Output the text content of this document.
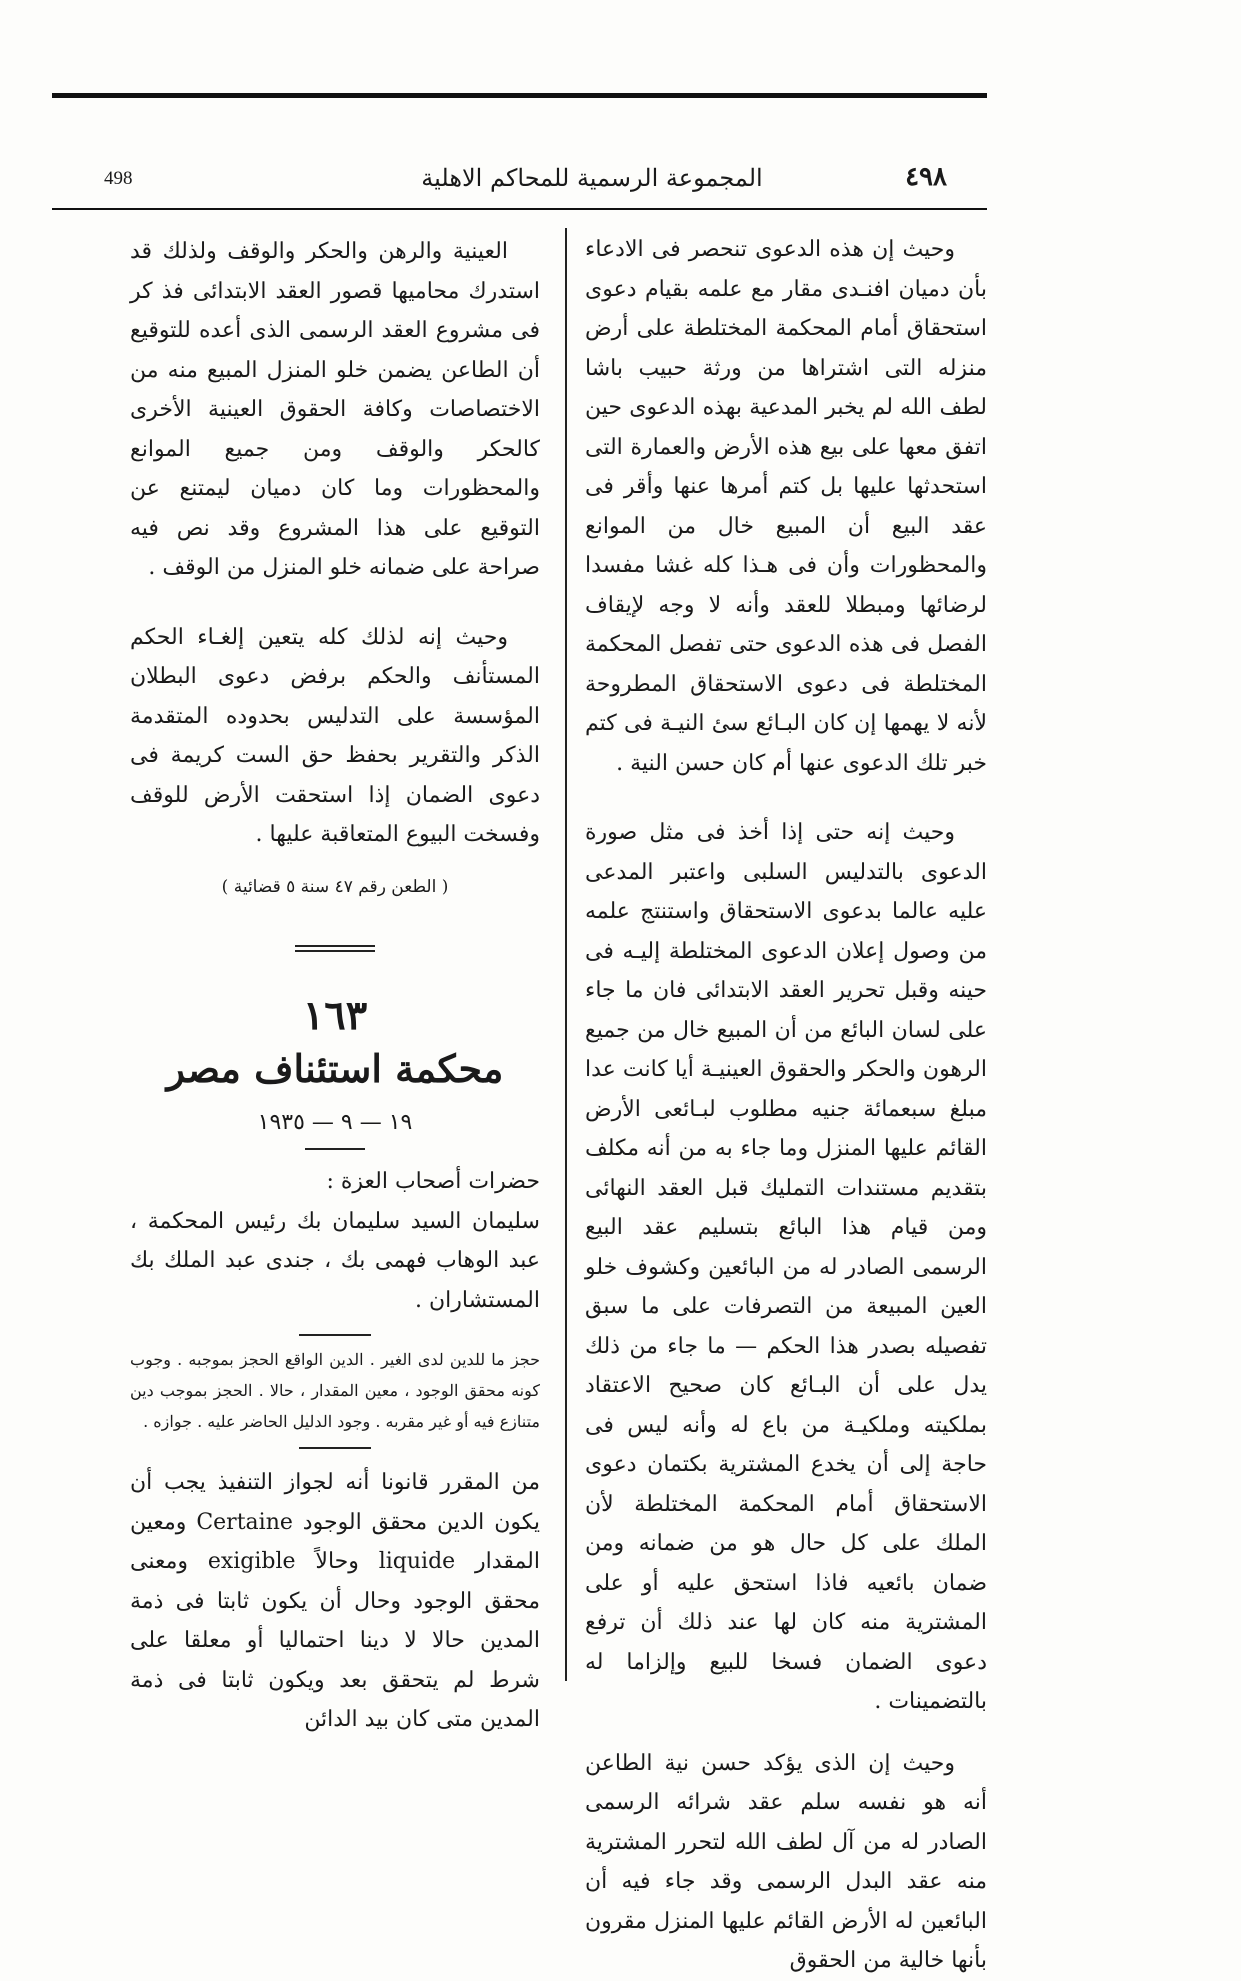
498	المجموعة الرسمية للمحاكم الاهلية	٤٩٨

وحيث إن هذه الدعوى تنحصر فى الادعاء بأن دميان افنـدى مقار مع علمه بقيام دعوى استحقاق أمام المحكمة المختلطة على أرض منزله التى اشتراها من ورثة حبيب باشا لطف الله لم يخبر المدعية بهذه الدعوى حين اتفق معها على بيع هذه الأرض والعمارة التى استحدثها عليها بل كتم أمرها عنها وأقر فى عقد البيع أن المبيع خال من الموانع والمحظورات وأن فى هـذا كله غشا مفسدا لرضائها ومبطلا للعقد وأنه لا وجه لإيقاف الفصل فى هذه الدعوى حتى تفصل المحكمة المختلطة فى دعوى الاستحقاق المطروحة لأنه لا يهمها إن كان البـائع سئ النيـة فى كتم خبر تلك الدعوى عنها أم كان حسن النية .

وحيث إنه حتى إذا أخذ فى مثل صورة الدعوى بالتدليس السلبى واعتبر المدعى عليه عالما بدعوى الاستحقاق واستنتج علمه من وصول إعلان الدعوى المختلطة إليـه فى حينه وقبل تحرير العقد الابتدائى فان ما جاء على لسان البائع من أن المبيع خال من جميع الرهون والحكر والحقوق العينيـة أيا كانت عدا مبلغ سبعمائة جنيه مطلوب لبـائعى الأرض القائم عليها المنزل وما جاء به من أنه مكلف بتقديم مستندات التمليك قبل العقد النهائى ومن قيام هذا البائع بتسليم عقد البيع الرسمى الصادر له من البائعين وكشوف خلو العين المبيعة من التصرفات على ما سبق تفصيله بصدر هذا الحكم — ما جاء من ذلك يدل على أن البـائع كان صحيح الاعتقاد بملكيته وملكيـة من باع له وأنه ليس فى حاجة إلى أن يخدع المشترية بكتمان دعوى الاستحقاق أمام المحكمة المختلطة لأن الملك على كل حال هو من ضمانه ومن ضمان بائعيه فاذا استحق عليه أو على المشترية منه كان لها عند ذلك أن ترفع دعوى الضمان فسخا للبيع وإلزاما له بالتضمينات .

وحيث إن الذى يؤكد حسن نية الطاعن أنه هو نفسه سلم عقد شرائه الرسمى الصادر له من آل لطف الله لتحرر المشترية منه عقد البدل الرسمى وقد جاء فيه أن البائعين له الأرض القائم عليها المنزل مقرون بأنها خالية من الحقوق

العينية والرهن والحكر والوقف ولذلك قد استدرك محاميها قصور العقد الابتدائى فذ كر فى مشروع العقد الرسمى الذى أعده للتوقيع أن الطاعن يضمن خلو المنزل المبيع منه من الاختصاصات وكافة الحقوق العينية الأخرى كالحكر والوقف ومن جميع الموانع والمحظورات وما كان دميان ليمتنع عن التوقيع على هذا المشروع وقد نص فيه صراحة على ضمانه خلو المنزل من الوقف .

وحيث إنه لذلك كله يتعين إلغـاء الحكم المستأنف والحكم برفض دعوى البطلان المؤسسة على التدليس بحدوده المتقدمة الذكر والتقرير بحفظ حق الست كريمة فى دعوى الضمان إذا استحقت الأرض للوقف وفسخت البيوع المتعاقبة عليها .

( الطعن رقم ٤٧ سنة ٥ قضائية )
١٦٣
محكمة استئناف مصر
١٩ — ٩ — ١٩٣٥
حضرات أصحاب العزة :

سليمان السيد سليمان بك رئيس المحكمة ، عبد الوهاب فهمى بك ، جندى عبد الملك بك المستشاران .

حجز ما للدين لدى الغير . الدين الواقع الحجز بموجبه . وجوب كونه محقق الوجود ، معين المقدار ، حالا . الحجز بموجب دين متنازع فيه أو غير مقربه . وجود الدليل الحاضر عليه . جوازه .

من المقرر قانونا أنه لجواز التنفيذ يجب أن يكون الدين محقق الوجود Certaine ومعين المقدار liquide وحالاً exigible ومعنى محقق الوجود وحال أن يكون ثابتا فى ذمة المدين حالا لا دينا احتماليا أو معلقا على شرط لم يتحقق بعد ويكون ثابتا فى ذمة المدين متى كان بيد الدائن
